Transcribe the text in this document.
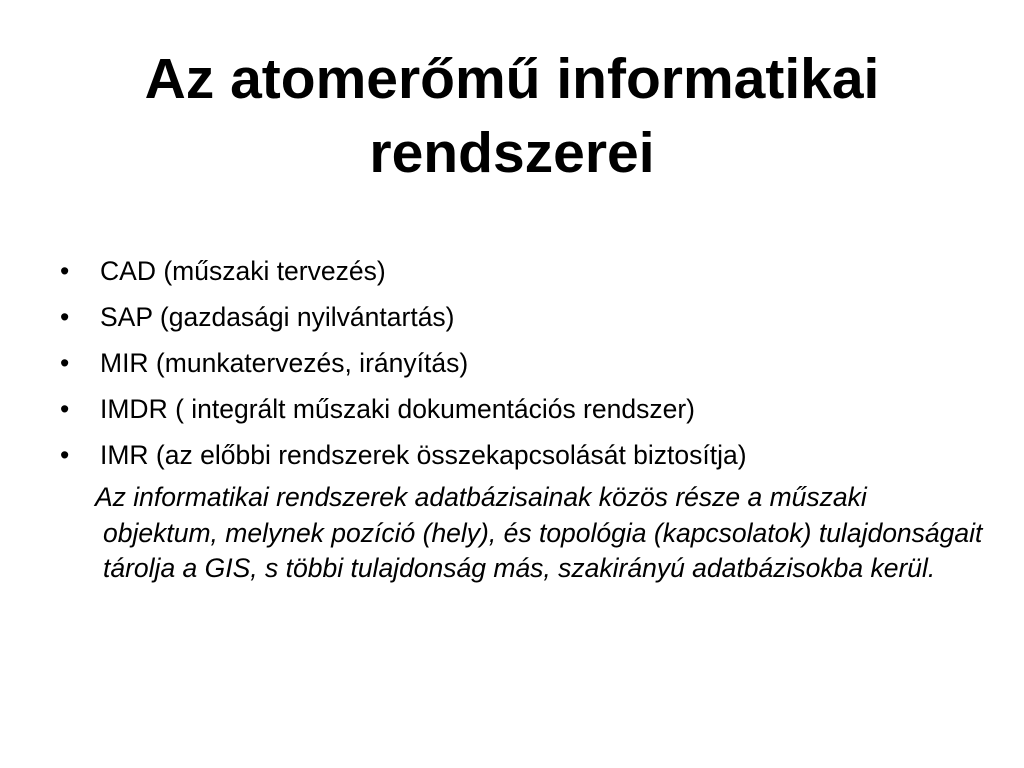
Az atomerőmű informatikai
rendszerei
• CAD (műszaki tervezés)
• SAP (gazdasági nyilvántartás)
• MIR (munkatervezés, irányítás)
• IMDR ( integrált műszaki dokumentációs rendszer)
• IMR (az előbbi rendszerek összekapcsolását biztosítja)

Az informatikai rendszerek adatbázisainak közös része a műszaki objektum, melynek pozíció (hely), és topológia (kapcsolatok) tulajdonságait tárolja a GIS, s többi tulajdonság más, szakirányú adatbázisokba kerül.
